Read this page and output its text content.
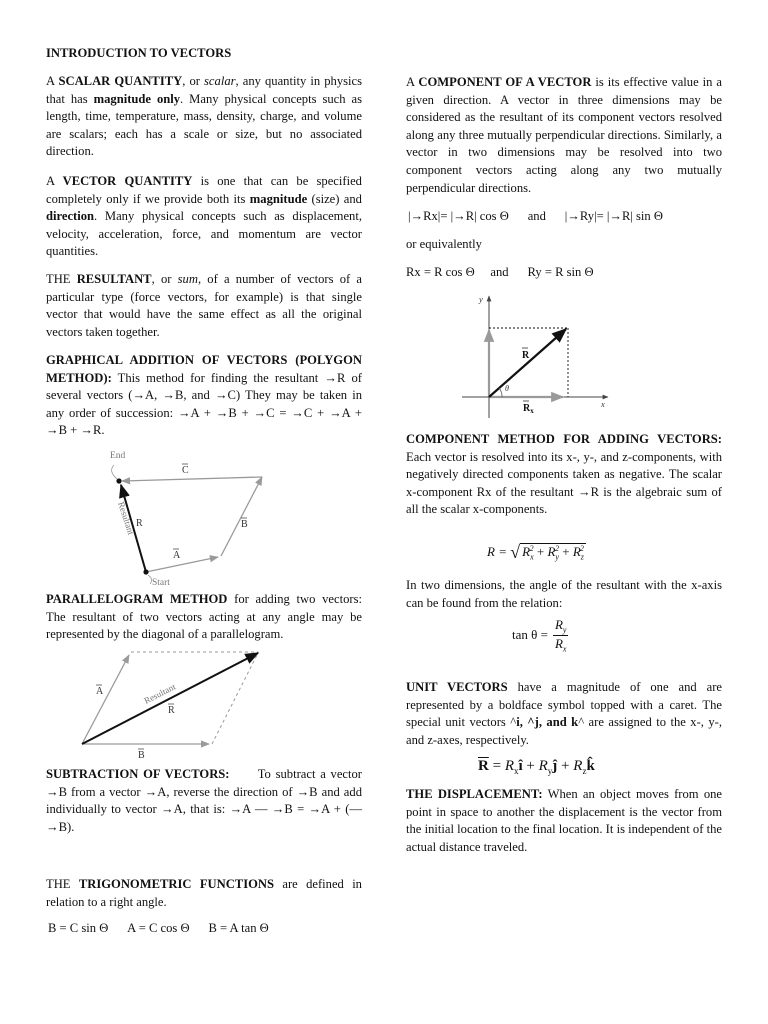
INTRODUCTION TO VECTORS

A SCALAR QUANTITY, or scalar, any quantity in physics that has magnitude only. Many physical concepts such as length, time, temperature, mass, density, charge, and volume are scalars; each has a scale or size, but no associated direction.

A VECTOR QUANTITY is one that can be specified completely only if we provide both its magnitude (size) and direction. Many physical concepts such as displacement, velocity, acceleration, force, and momentum are vector quantities.

THE RESULTANT, or sum, of a number of vectors of a particular type (force vectors, for example) is that single vector that would have the same effect as all the original vectors taken together.

GRAPHICAL ADDITION OF VECTORS (POLYGON METHOD): This method for finding the resultant →R of several vectors (→A, →B, and →C) They may be taken in any order of succession: →A + →B + →C = →C + →A + →B + →R.

End
Start
C
B
A
R
Resultant

PARALLELOGRAM METHOD for adding two vectors: The resultant of two vectors acting at any angle may be represented by the diagonal of a parallelogram.

A
B
R
Resultant

SUBTRACTION OF VECTORS:      To subtract a vector →B from a vector →A, reverse the direction of →B and add individually to vector →A, that is: →A — →B = →A + (— →B).

THE TRIGONOMETRIC FUNCTIONS are defined in relation to a right angle.

B = C sin Θ      A = C cos Θ      B = A tan Θ

A COMPONENT OF A VECTOR is its effective value in a given direction. A vector in three dimensions may be considered as the resultant of its component vectors resolved along any three mutually perpendicular directions. Similarly, a vector in two dimensions may be resolved into two component vectors acting along any two mutually perpendicular directions.

|→Rx|= |→R| cos Θ      and      |→Ry|= |→R| sin Θ
or equivalently
Rx = R cos Θ     and      Ry = R sin Θ
θ
y
x
R
$R_x$

COMPONENT METHOD FOR ADDING VECTORS: Each vector is resolved into its x-, y-, and z-components, with negatively directed components taken as negative. The scalar x-component Rx of the resultant →R is the algebraic sum of all the scalar x-components.

R = √ $R_x^2 + R_y^2 + R_z^2$

In two dimensions, the angle of the resultant with the x-axis can be found from the relation:

$\tan \theta = \frac{R_y}{R_x}$

UNIT VECTORS have a magnitude of one and are represented by a boldface symbol topped with a caret. The special unit vectors ^i, ^j, and k^ are assigned to the x-, y-, and z-axes, respectively.

$\overline{R}$ = $R_xî$ + $R_yĵ$ + $R_zk̂$

THE DISPLACEMENT: When an object moves from one point in space to another the displacement is the vector from the initial location to the final location. It is independent of the actual distance traveled.
